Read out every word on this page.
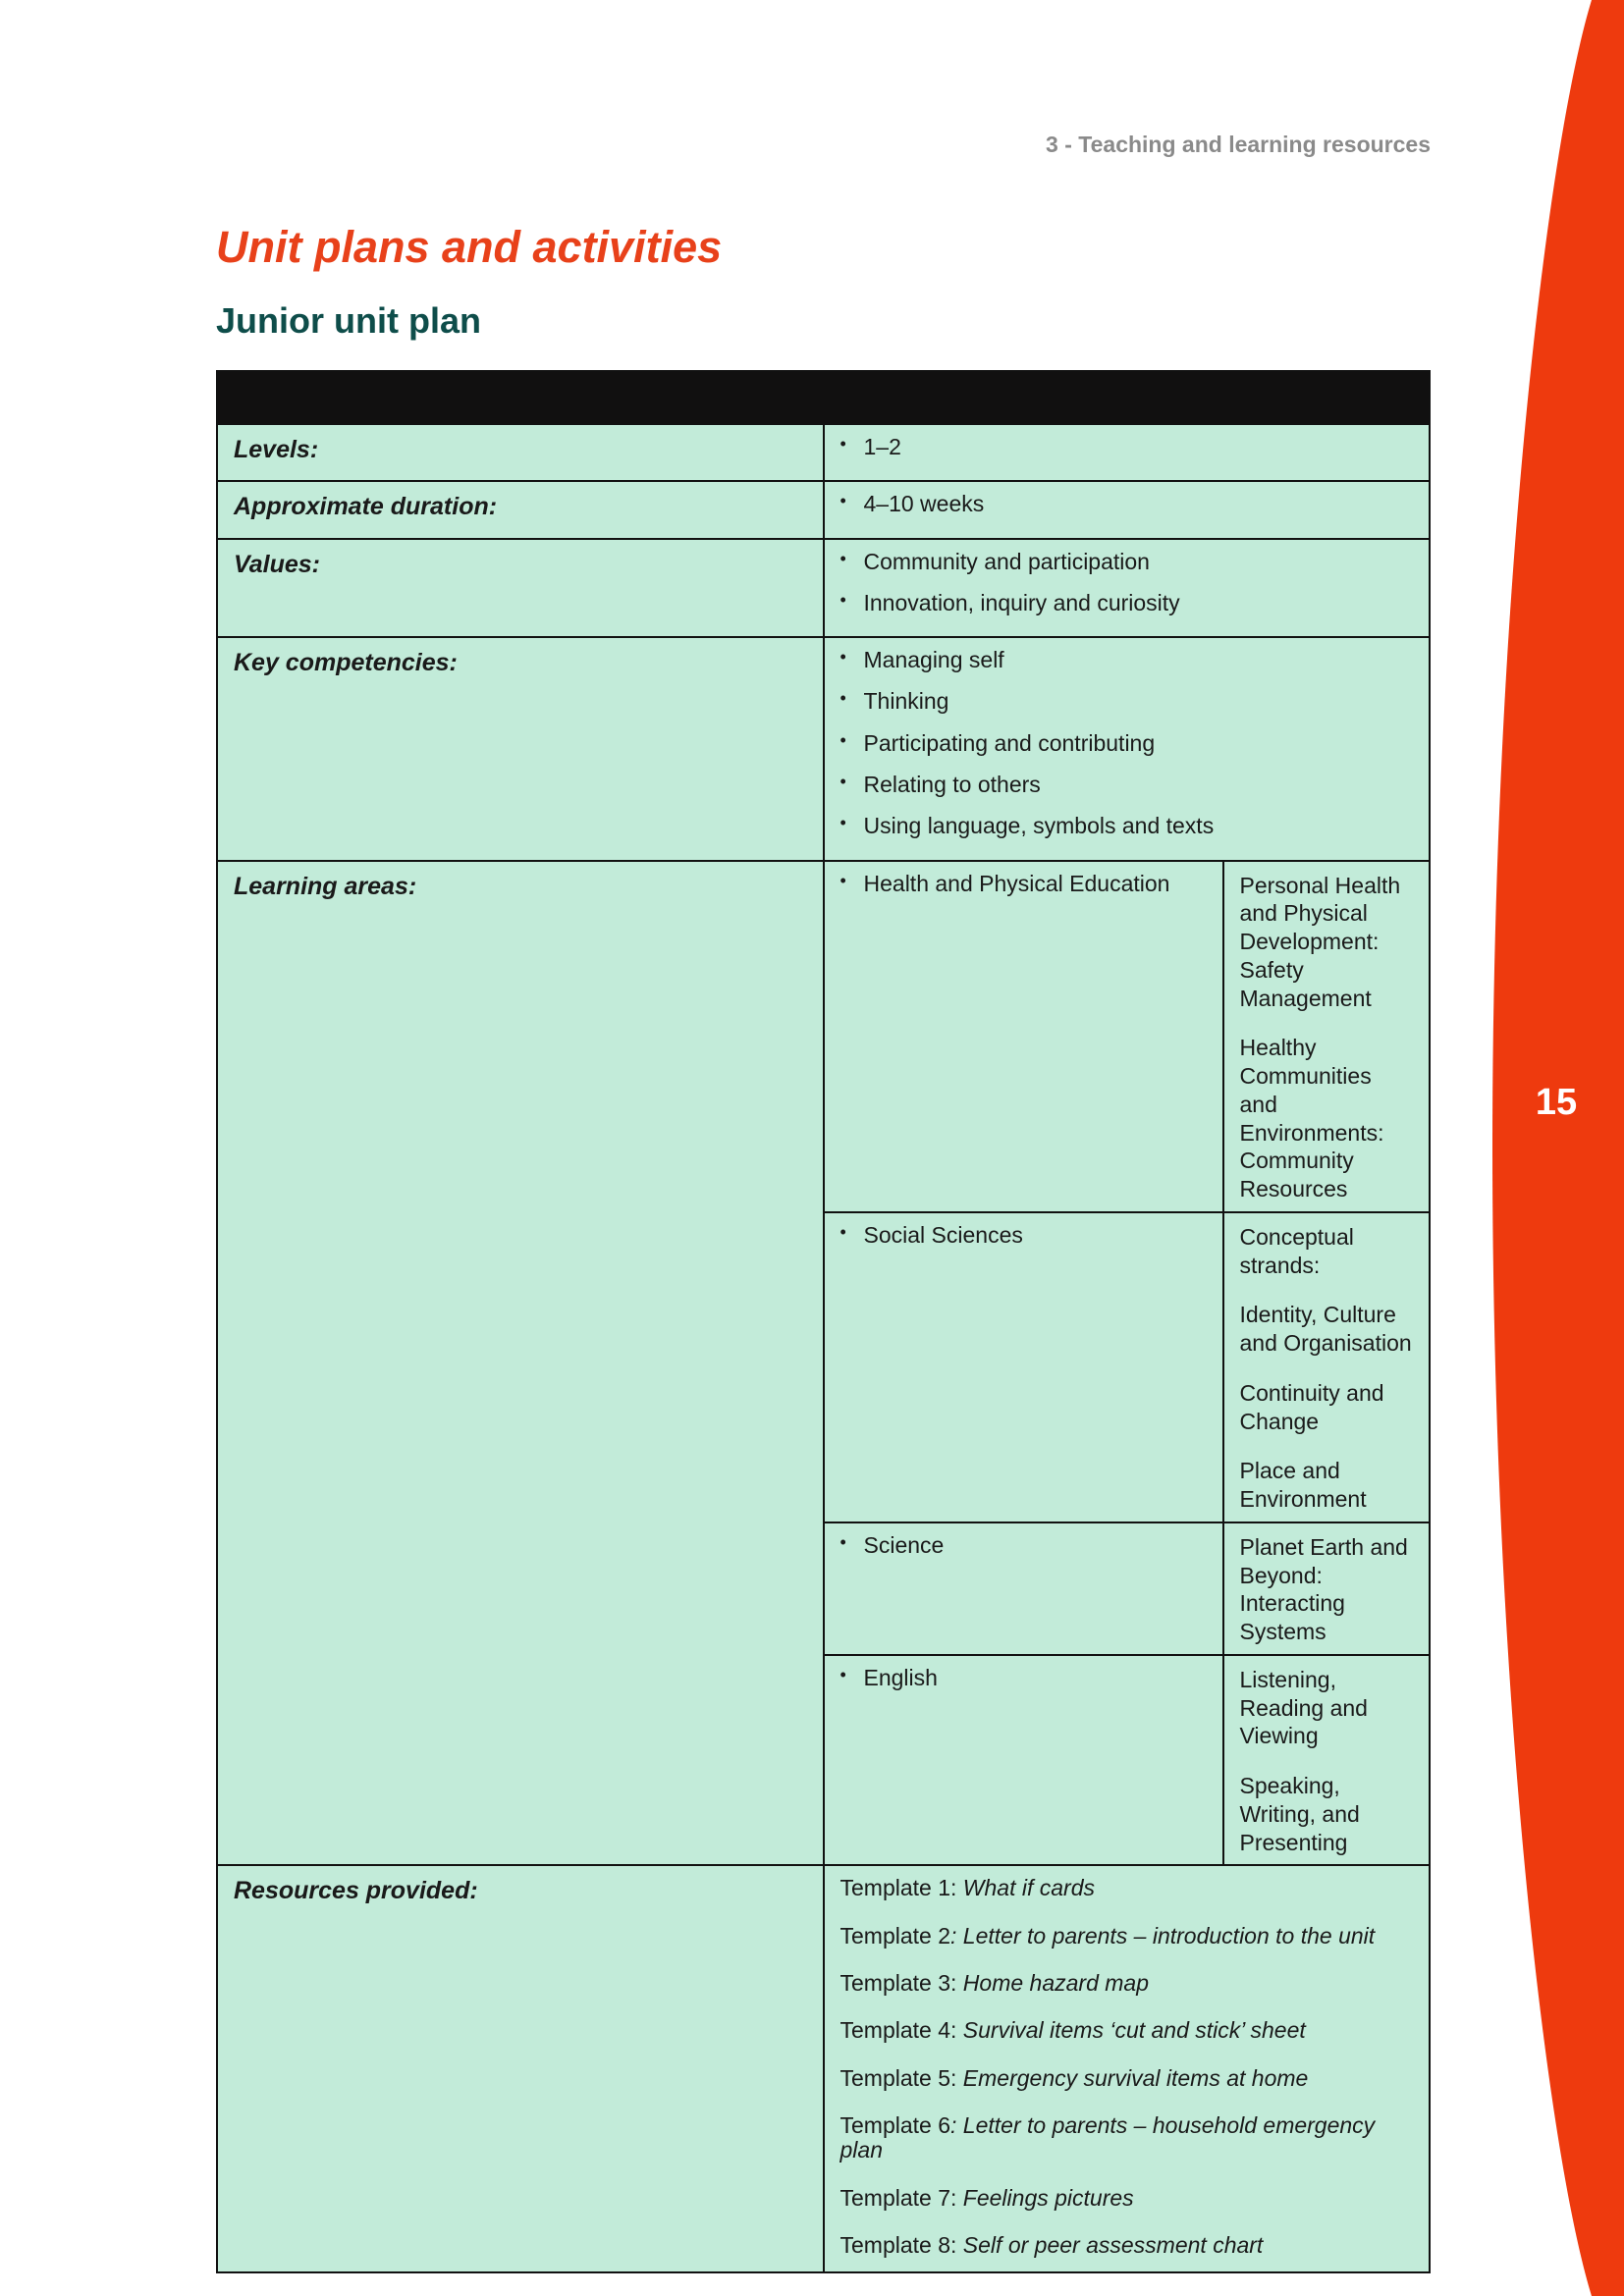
15
3 - Teaching and learning resources
Unit plans and activities
Junior unit plan

Levels:	
•1–2

Approximate duration:	
•4–10 weeks

Values:	
•Community and participation
• Innovation, inquiry and curiosity

Key competencies:	
•Managing self
• Thinking
• Participating and contributing
• Relating to others
• Using language, symbols and texts

Learning areas:	
•	Health and Physical Education	Personal Health and Physical Development: Safety Management
Healthy Communities and Environments: Community Resources

• Social Sciences	Conceptual strands:
Identity, Culture and Organisation
Continuity and Change
Place and Environment

• Science	Planet Earth and Beyond: Interacting Systems

• English	Listening, Reading and Viewing
Speaking, Writing, and Presenting

Resources provided:	Template 1: What if cards
Template 2: Letter to parents – introduction to the unit
Template 3: Home hazard map
Template 4: Survival items ‘cut and stick’ sheet
Template 5: Emergency survival items at home
Template 6: Letter to parents – household emergency plan
Template 7: Feelings pictures
Template 8: Self or peer assessment chart
